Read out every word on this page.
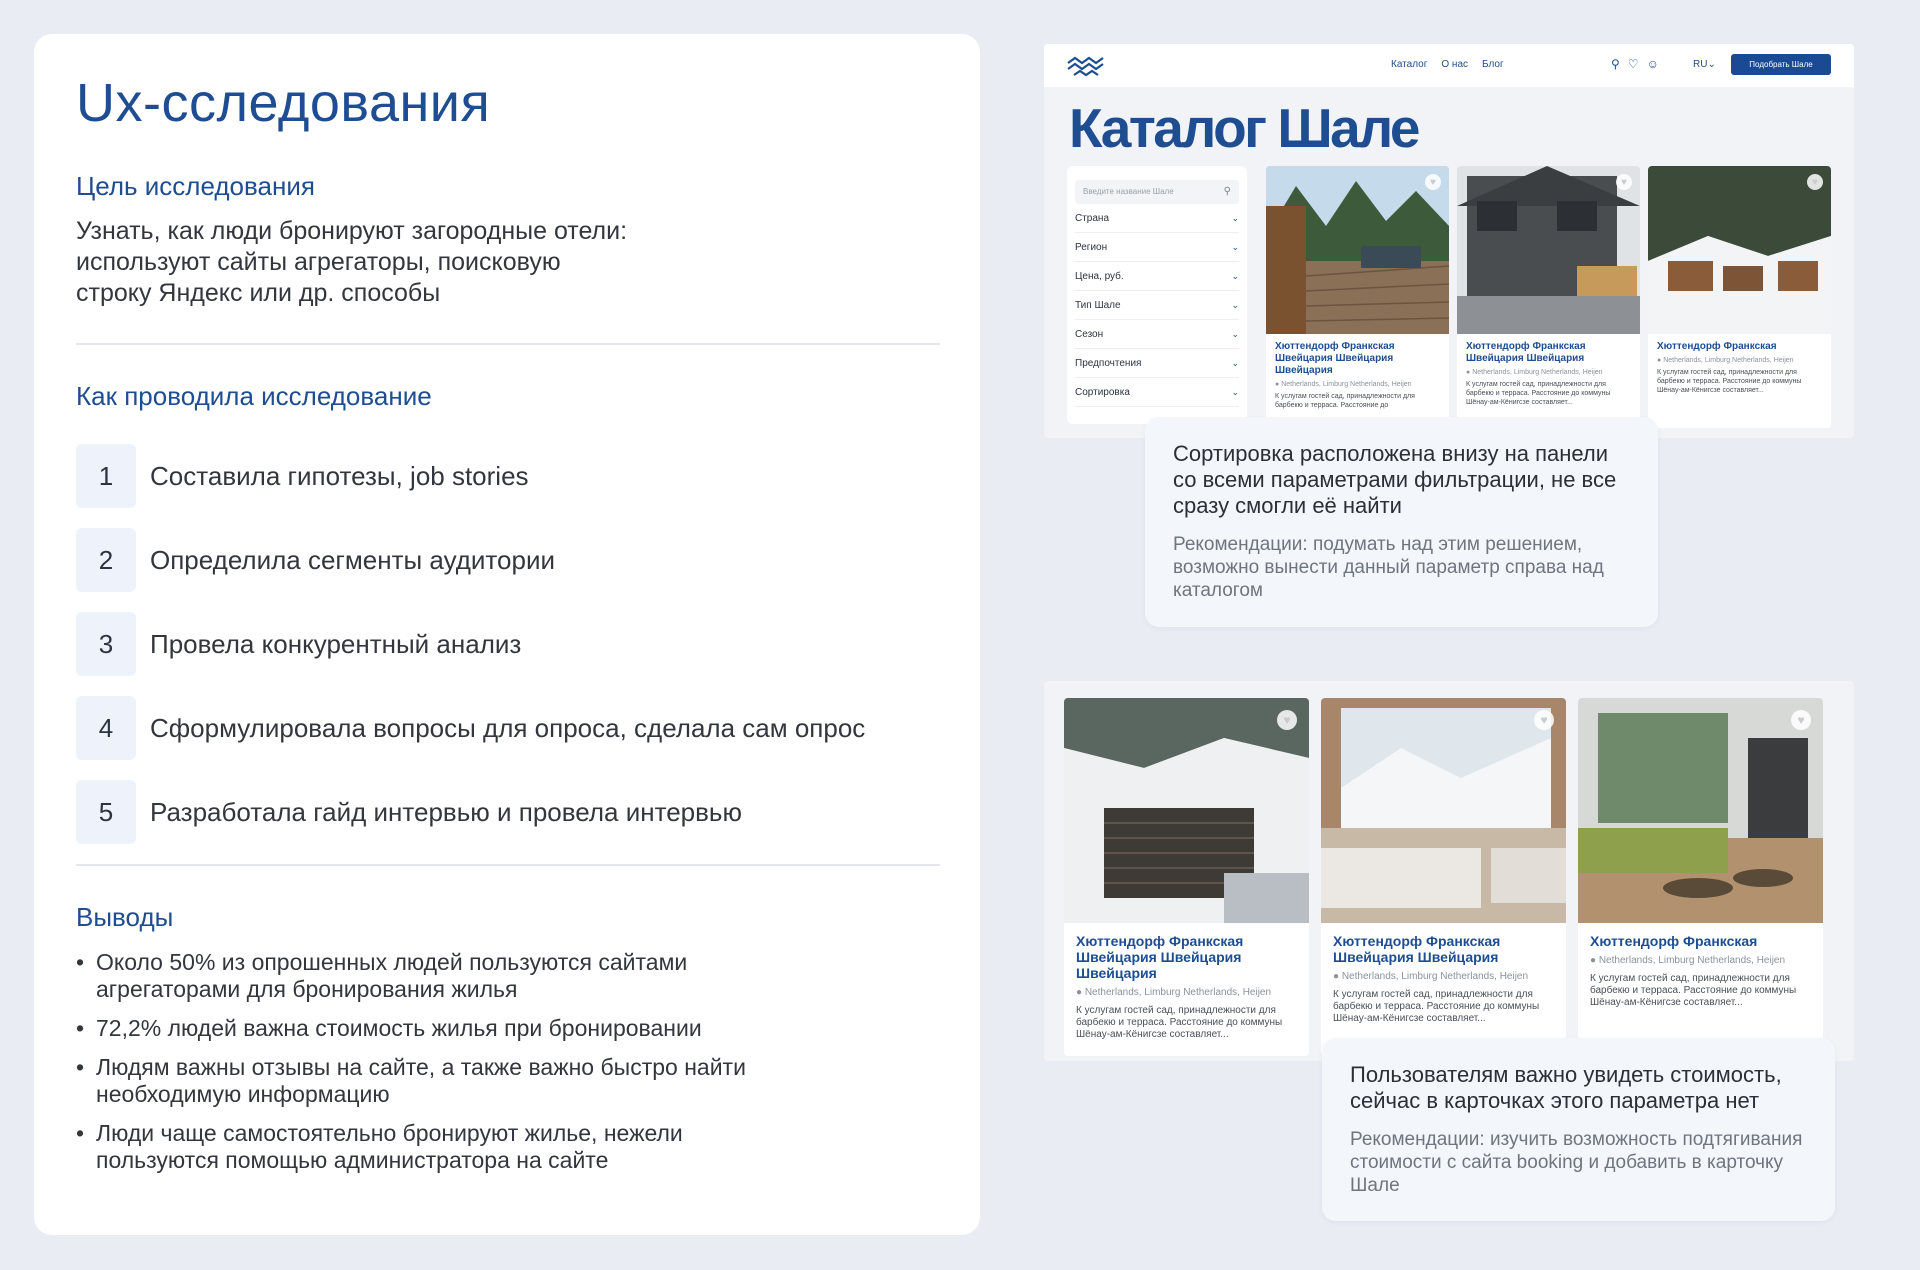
Ux-сследования
Цель исследования

Узнать, как люди бронируют загородные отели: используют сайты агрегаторы, поисковую строку Яндекс или др. способы

Как проводила исследование
1	Составила гипотезы, job stories
2	Определила сегменты аудитории
3	Провела конкурентный анализ
4	Сформулировала вопросы для опроса, сделала сам опрос
5	Разработала гайд интервью и провела интервью
Выводы
• Около 50% из опрошенных людей пользуются сайтами агрегаторами для бронирования жилья
• 72,2% людей важна стоимость жилья при бронировании
• Людям важны отзывы на сайте, а также важно быстро найти необходимую информацию
• Люди чаще самостоятельно бронируют жилье, нежели пользуются помощью администратора на сайте
Каталог О нас Блог	⚲ ♡ ☺	RU⌄	Подобрать Шале
Каталог Шале
Введите название Шале	⚲
Страна	⌄
Регион	⌄
Цена, руб.	⌄
Тип Шале	⌄
Сезон	⌄
Предпочтения	⌄
Сортировка	⌄
♥
Хюттендорф Франкская Швейцария Швейцария Швейцария
● Netherlands, Limburg Netherlands, Heijen
К услугам гостей сад, принадлежности для барбекю и терраса. Расстояние до
♥
Хюттендорф Франкская Швейцария Швейцария
● Netherlands, Limburg Netherlands, Heijen
К услугам гостей сад, принадлежности для барбекю и терраса. Расстояние до коммуны Шёнау-ам-Кёнигсзе составляет...
♥
Хюттендорф Франкская
● Netherlands, Limburg Netherlands, Heijen
К услугам гостей сад, принадлежности для барбекю и терраса. Расстояние до коммуны Шёнау-ам-Кёнигсзе составляет...
Сортировка расположена внизу на панели со всеми параметрами фильтрации, не все сразу смогли её найти
Рекомендации: подумать над этим решением, возможно вынести данный параметр справа над каталогом
♥
Хюттендорф Франкская Швейцария Швейцария Швейцария
● Netherlands, Limburg Netherlands, Heijen
К услугам гостей сад, принадлежности для барбекю и терраса. Расстояние до коммуны Шёнау-ам-Кёнигсзе составляет...
♥
Хюттендорф Франкская Швейцария Швейцария
● Netherlands, Limburg Netherlands, Heijen
К услугам гостей сад, принадлежности для барбекю и терраса. Расстояние до коммуны Шёнау-ам-Кёнигсзе составляет...
♥
Хюттендорф Франкская
● Netherlands, Limburg Netherlands, Heijen
К услугам гостей сад, принадлежности для барбекю и терраса. Расстояние до коммуны Шёнау-ам-Кёнигсзе составляет...
Пользователям важно увидеть стоимость, сейчас в карточках этого параметра нет
Рекомендации: изучить возможность подтягивания стоимости с сайта booking и добавить в карточку Шале
